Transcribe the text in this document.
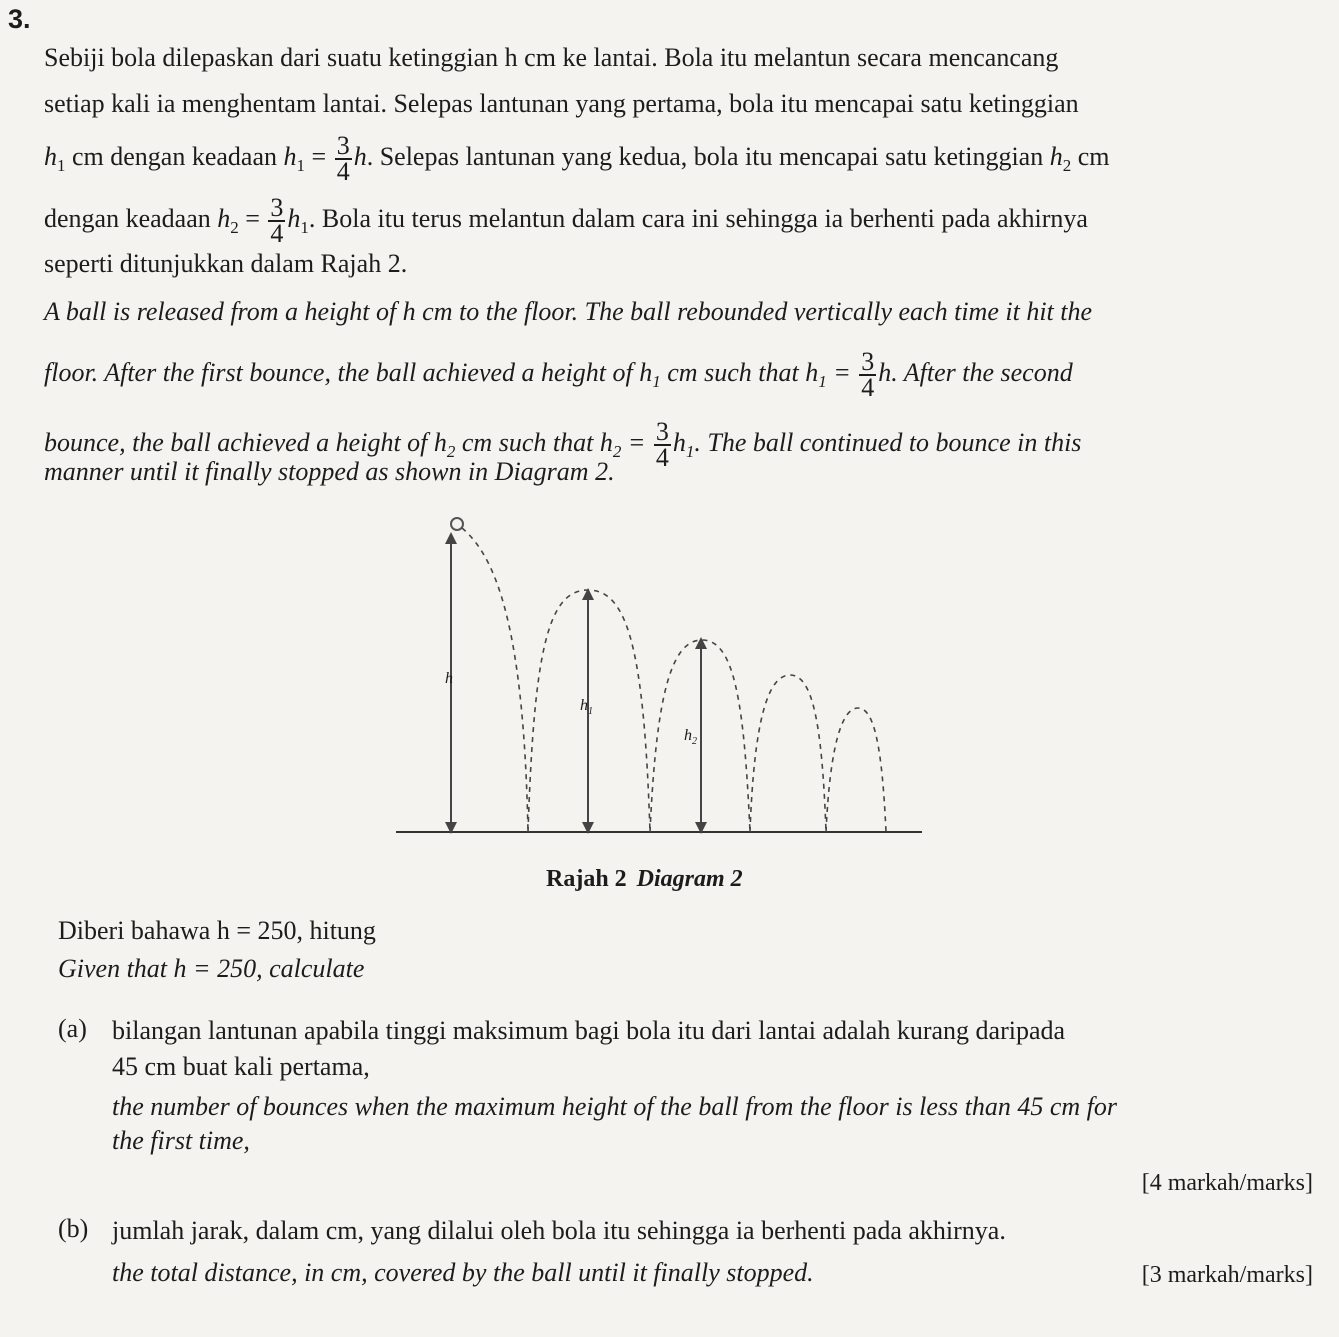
3.
Sebiji bola dilepaskan dari suatu ketinggian h cm ke lantai. Bola itu melantun secara mencancang
setiap kali ia menghentam lantai. Selepas lantunan yang pertama, bola itu mencapai satu ketinggian
$h_1$ cm dengan keadaan $h_1 = \frac{3}{4} h$. Selepas lantunan yang kedua, bola itu mencapai satu ketinggian $h_2$ cm
dengan keadaan $h_2 = \frac{3}{4} h_1$. Bola itu terus melantun dalam cara ini sehingga ia berhenti pada akhirnya
seperti ditunjukkan dalam Rajah 2.
A ball is released from a height of h cm to the floor. The ball rebounded vertically each time it hit the
floor. After the first bounce, the ball achieved a height of $h_1$ cm such that $h_1 = \frac{3}{4} h$. After the second
bounce, the ball achieved a height of $h_2$ cm such that $h_2 = \frac{3}{4} h_1$. The ball continued to bounce in this
manner until it finally stopped as shown in Diagram 2.
h
$h_1$
$h_2$
Rajah 2 Diagram 2
Diberi bahawa h = 250, hitung
Given that h = 250, calculate
(a) bilangan lantunan apabila tinggi maksimum bagi bola itu dari lantai adalah kurang daripada
45 cm buat kali pertama,
the number of bounces when the maximum height of the ball from the floor is less than 45 cm for
the first time,
[4 markah/marks]
(b) jumlah jarak, dalam cm, yang dilalui oleh bola itu sehingga ia berhenti pada akhirnya.
the total distance, in cm, covered by the ball until it finally stopped.	[3 markah/marks]
